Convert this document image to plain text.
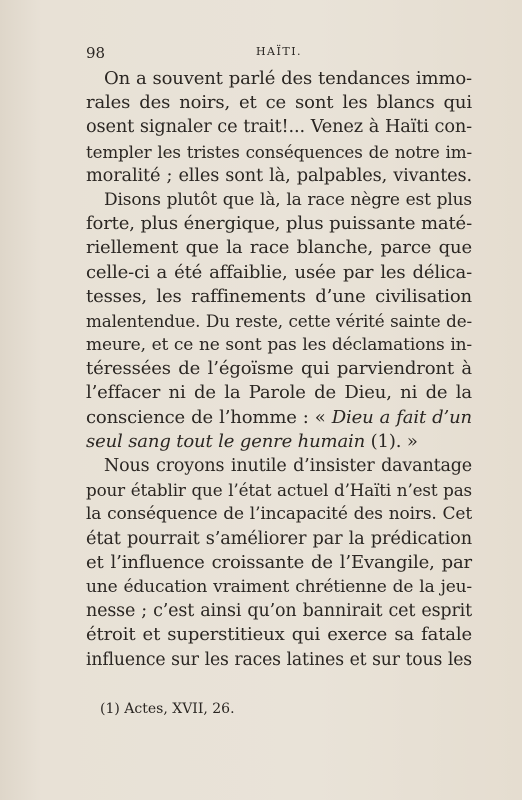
98	HAÏTI.
On a souvent parlé des tendances immo-
rales des noirs, et ce sont les blancs qui
osent signaler ce trait!... Venez à Haïti con-
templer les tristes conséquences de notre im-
moralité ; elles sont là, palpables, vivantes.
Disons plutôt que là, la race nègre est plus
forte, plus énergique, plus puissante maté-
riellement que la race blanche, parce que
celle-ci a été affaiblie, usée par les délica-
tesses, les raffinements d’une civilisation
malentendue. Du reste, cette vérité sainte de-
meure, et ce ne sont pas les déclamations in-
téressées de l’égoïsme qui parviendront à
l’effacer ni de la Parole de Dieu, ni de la
conscience de l’homme : « Dieu a fait d’un
seul sang tout le genre humain (1). »
Nous croyons inutile d’insister davantage
pour établir que l’état actuel d’Haïti n’est pas
la conséquence de l’incapacité des noirs. Cet
état pourrait s’améliorer par la prédication
et l’influence croissante de l’Evangile, par
une éducation vraiment chrétienne de la jeu-
nesse ; c’est ainsi qu’on bannirait cet esprit
étroit et superstitieux qui exerce sa fatale
influence sur les races latines et sur tous les
(1) Actes, XVII, 26.
